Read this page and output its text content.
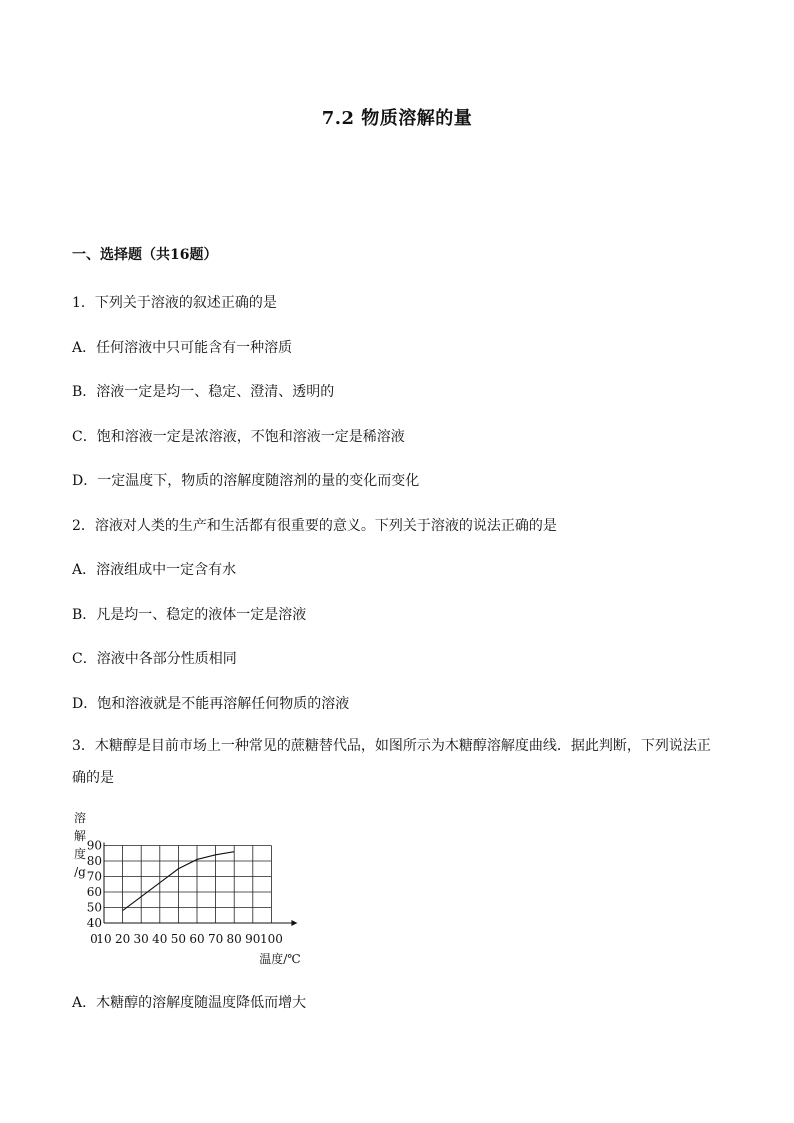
7.2 物质溶解的量
一、选择题（共16题）
1．下列关于溶液的叙述正确的是
A．任何溶液中只可能含有一种溶质
B．溶液一定是均一、稳定、澄清、透明的
C．饱和溶液一定是浓溶液，不饱和溶液一定是稀溶液
D．一定温度下，物质的溶解度随溶剂的量的变化而变化
2．溶液对人类的生产和生活都有很重要的意义。下列关于溶液的说法正确的是
A．溶液组成中一定含有水
B．凡是均一、稳定的液体一定是溶液
C．溶液中各部分性质相同
D．饱和溶液就是不能再溶解任何物质的溶液
3．木糖醇是目前市场上一种常见的蔗糖替代品，如图所示为木糖醇溶解度曲线．据此判断，下列说法正确的是
40
50
60
70
80
90
0
10 20 30 40 50 60 70 80 90 100
溶
解
度
/g
温度/℃
A．木糖醇的溶解度随温度降低而增大
